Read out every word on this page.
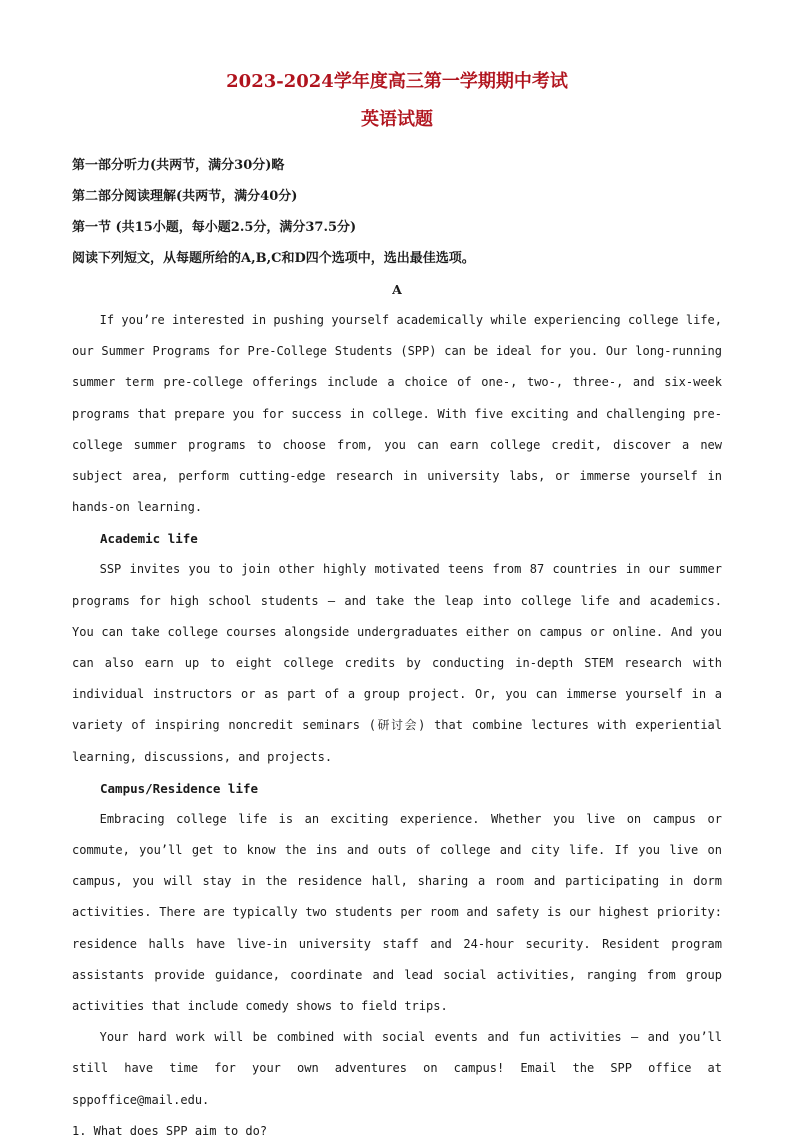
2023-2024学年度高三第一学期期中考试
英语试题

第一部分听力(共两节，满分30分)略

第二部分阅读理解(共两节，满分40分)

第一节 (共15小题，每小题2.5分，满分37.5分)

阅读下列短文，从每题所给的A,B,C和D四个选项中，选出最佳选项。

A

If you’re interested in pushing yourself academically while experiencing college life, our Summer Programs for Pre-College Students (SPP) can be ideal for you. Our long-running summer term pre-college offerings include a choice of one-, two-, three-, and six-week programs that prepare you for success in college. With five exciting and challenging pre-college summer programs to choose from, you can earn college credit, discover a new subject area, perform cutting-edge research in university labs, or immerse yourself in hands-on learning.

Academic life

SSP invites you to join other highly motivated teens from 87 countries in our summer programs for high school students — and take the leap into college life and academics. You can take college courses alongside undergraduates either on campus or online. And you can also earn up to eight college credits by conducting in-depth STEM research with individual instructors or as part of a group project. Or, you can immerse yourself in a variety of inspiring noncredit seminars (研讨会) that combine lectures with experiential learning, discussions, and projects.

Campus/Residence life

Embracing college life is an exciting experience. Whether you live on campus or commute, you’ll get to know the ins and outs of college and city life. If you live on campus, you will stay in the residence hall, sharing a room and participating in dorm activities. There are typically two students per room and safety is our highest priority: residence halls have live-in university staff and 24-hour security. Resident program assistants provide guidance, coordinate and lead social activities, ranging from group activities that include comedy shows to field trips.

Your hard work will be combined with social events and fun activities — and you’ll still have time for your own adventures on campus! Email the SPP office at sppoffice@mail.edu.

1. What does SPP aim to do?
